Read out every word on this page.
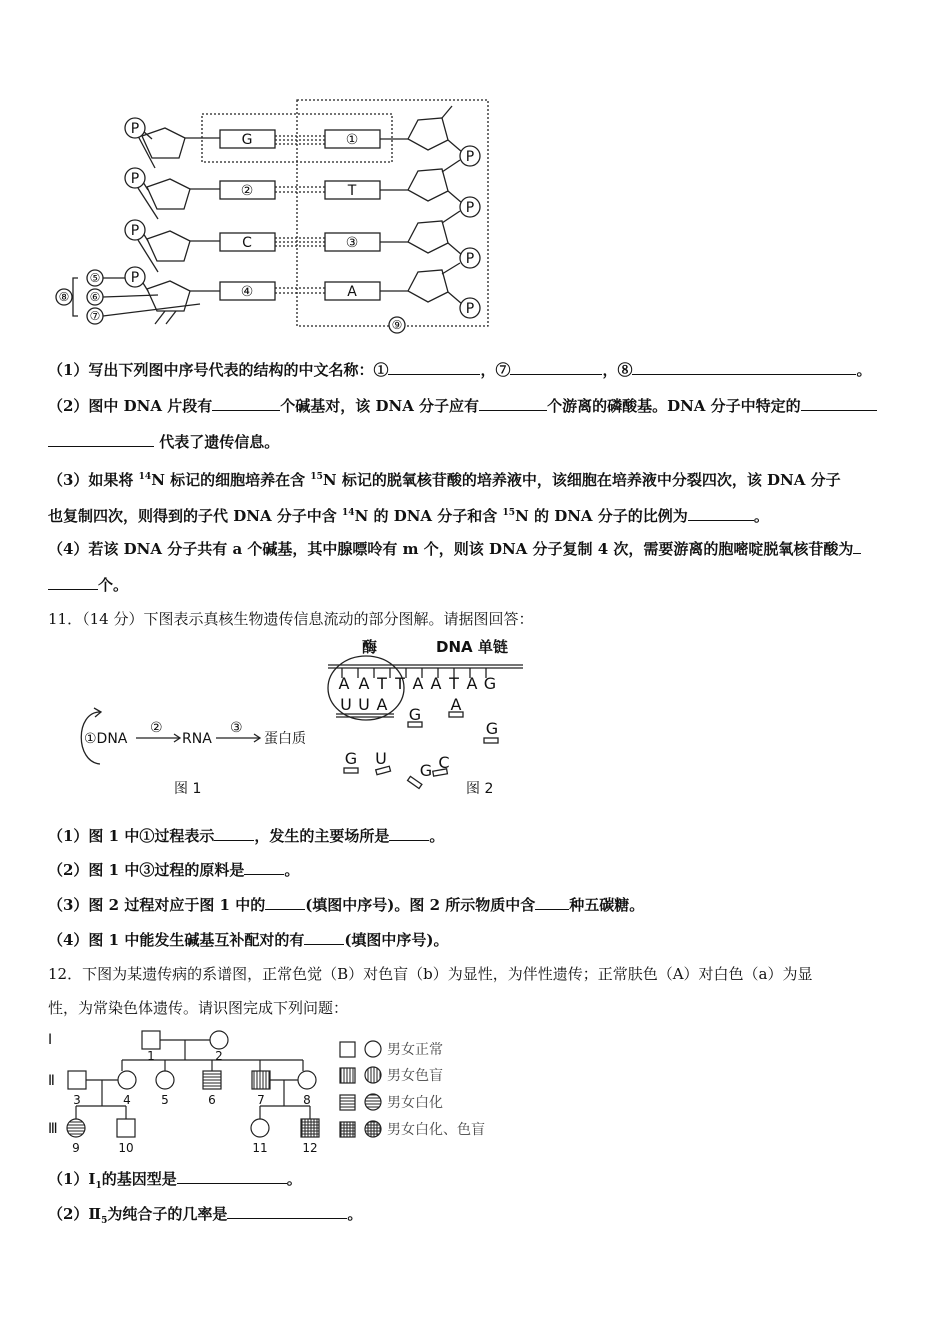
P
P
P
P
P
P
P
P
G
②
C
④
①
T
③
A
⑤
⑥
⑦
⑧
⑨
（1）写出下列图中序号代表的结构的中文名称：①	，⑦	，⑧	。
（2）图中 DNA 片段有	个碱基对，该 DNA 分子应有	个游离的磷酸基。DNA 分子中特定的
代表了遗传信息。
（3）如果将 $^{14}$N 标记的细胞培养在含 $^{15}$N 标记的脱氧核苷酸的培养液中，该细胞在培养液中分裂四次，该 DNA 分子
也复制四次，则得到的子代 DNA 分子中含 $^{14}$N 的 DNA 分子和含 $^{15}$N 的 DNA 分子的比例为	。
（4）若该 DNA 分子共有 a 个碱基，其中腺嘌呤有 m 个，则该 DNA 分子复制 4 次，需要游离的胞嘧啶脱氧核苷酸为
个。
11．（14 分）下图表示真核生物遗传信息流动的部分图解。请据图回答：
①DNA
②
RNA
③
蛋白质
图 1
酶	DNA 单链
A A T T A A T A G
U U A
G
A
G
G U
G C
图 2
（1）图 1 中①过程表示	，发生的主要场所是	。
（2）图 1 中③过程的原料是	。
（3）图 2 过程对应于图 1 中的	(填图中序号)。图 2 所示物质中含 种五碳糖。
（4）图 1 中能发生碱基互补配对的有	(填图中序号)。
12．下图为某遗传病的系谱图，正常色觉（B）对色盲（b）为显性，为伴性遗传；正常肤色（A）对白色（a）为显
性，为常染色体遗传。请识图完成下列问题：
Ⅰ
Ⅱ
Ⅲ
1	2
3	4	5	6	7	8
9	10	11	12
男女正常
男女色盲
男女白化
男女白化、色盲
$(1)Ⅰ_1$的基因型是	。
$(2)Ⅱ_5$为纯合子的几率是	。
